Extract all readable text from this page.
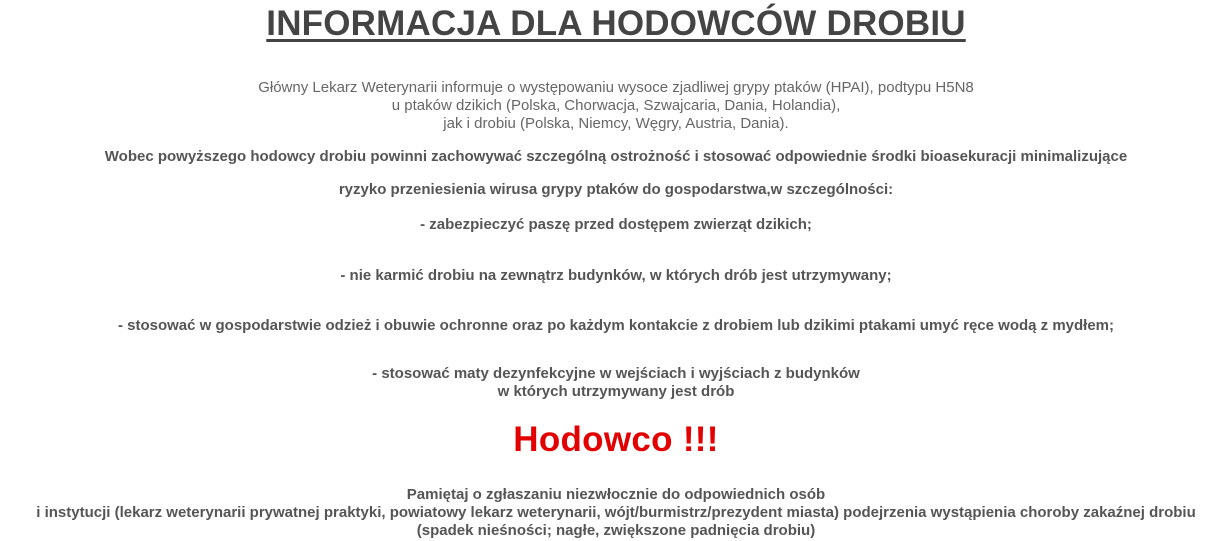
INFORMACJA DLA HODOWCÓW DROBIU
Główny Lekarz Weterynarii informuje o występowaniu wysoce zjadliwej grypy ptaków (HPAI), podtypu H5N8
u ptaków dzikich (Polska, Chorwacja, Szwajcaria, Dania, Holandia),
jak i drobiu (Polska, Niemcy, Węgry, Austria, Dania).
Wobec powyższego hodowcy drobiu powinni zachowywać szczególną ostrożność i stosować odpowiednie środki bioasekuracji minimalizujące
ryzyko przeniesienia wirusa grypy ptaków do gospodarstwa,w szczególności:
- zabezpieczyć paszę przed dostępem zwierząt dzikich;
- nie karmić drobiu na zewnątrz budynków, w których drób jest utrzymywany;
- stosować w gospodarstwie odzież i obuwie ochronne oraz po każdym kontakcie z drobiem lub dzikimi ptakami umyć ręce wodą z mydłem;
- stosować maty dezynfekcyjne w wejściach i wyjściach z budynków
w których utrzymywany jest drób
Hodowco !!!
Pamiętaj o zgłaszaniu niezwłocznie do odpowiednich osób
i instytucji (lekarz weterynarii prywatnej praktyki, powiatowy lekarz weterynarii, wójt/burmistrz/prezydent miasta) podejrzenia wystąpienia choroby zakaźnej drobiu
(spadek nieśności; nagłe, zwiększone padnięcia drobiu)
